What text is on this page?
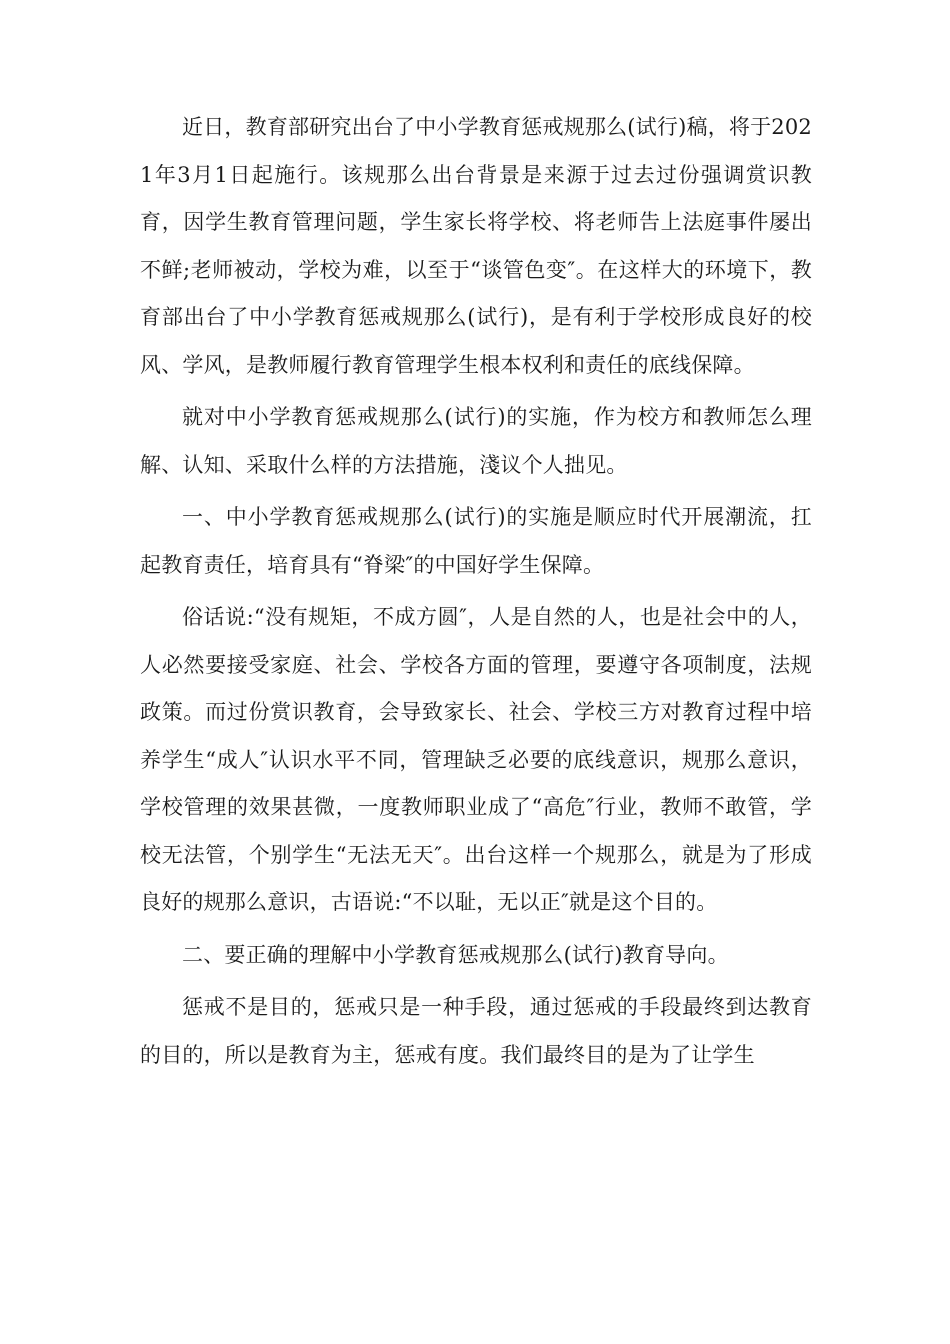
近日，教育部研究出台了中小学教育惩戒规那么(试行)稿，将于2021年3月1日起施行。该规那么出台背景是来源于过去过份强调赏识教育，因学生教育管理问题，学生家长将学校、将老师告上法庭事件屡出不鲜;老师被动，学校为难，以至于“谈管色变″。在这样大的环境下，教育部出台了中小学教育惩戒规那么(试行)，是有利于学校形成良好的校风、学风，是教师履行教育管理学生根本权利和责任的底线保障。

就对中小学教育惩戒规那么(试行)的实施，作为校方和教师怎么理解、认知、采取什么样的方法措施，淺议个人拙见。

一、中小学教育惩戒规那么(试行)的实施是顺应时代开展潮流，扛起教育责任，培育具有“脊梁″的中国好学生保障。

俗话说:“没有规矩，不成方圆″，人是自然的人，也是社会中的人，人必然要接受家庭、社会、学校各方面的管理，要遵守各项制度，法规政策。而过份赏识教育，会导致家长、社会、学校三方对教育过程中培养学生“成人″认识水平不同，管理缺乏必要的底线意识，规那么意识，学校管理的效果甚微，一度教师职业成了“高危″行业，教师不敢管，学校无法管，个别学生“无法无天″。出台这样一个规那么，就是为了形成良好的规那么意识，古语说:“不以耻，无以正″就是这个目的。

二、要正确的理解中小学教育惩戒规那么(试行)教育导向。

惩戒不是目的，惩戒只是一种手段，通过惩戒的手段最终到达教育的目的，所以是教育为主，惩戒有度。我们最终目的是为了让学生
